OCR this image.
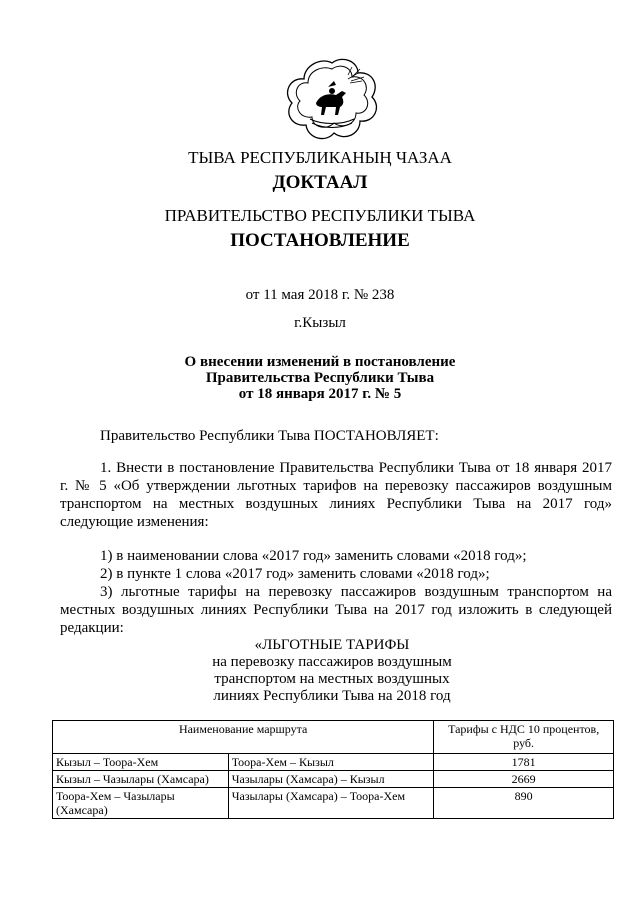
ТЫВА РЕСПУБЛИКАНЫҢ ЧАЗАА
ДОКТААЛ
ПРАВИТЕЛЬСТВО РЕСПУБЛИКИ ТЫВА
ПОСТАНОВЛЕНИЕ
от 11 мая 2018 г. № 238
г.Кызыл
О внесении изменений в постановление
Правительства Республики Тыва
от 18 января 2017 г. № 5
Правительство Республики Тыва ПОСТАНОВЛЯЕТ:
1. Внести в постановление Правительства Республики Тыва от 18 января 2017 г. № 5 «Об утверждении льготных тарифов на перевозку пассажиров воздушным транспортом на местных воздушных линиях Республики Тыва на 2017 год» следующие изменения:
1) в наименовании слова «2017 год» заменить словами «2018 год»;
2) в пункте 1 слова «2017 год» заменить словами «2018 год»;
3) льготные тарифы на перевозку пассажиров воздушным транспортом на местных воздушных линиях Республики Тыва на 2017 год изложить в следующей редакции:
«ЛЬГОТНЫЕ ТАРИФЫ
на перевозку пассажиров воздушным
транспортом на местных воздушных
линиях Республики Тыва на 2018 год
Наименование маршрута		Тарифы с НДС 10 процентов, руб.
Кызыл – Тоора-Хем	Тоора-Хем – Кызыл	1781
Кызыл – Чазылары (Хамсара)	Чазылары (Хамсара) – Кызыл	2669
Тоора-Хем – Чазылары (Хамсара)	Чазылары (Хамсара) – Тоора-Хем	890
